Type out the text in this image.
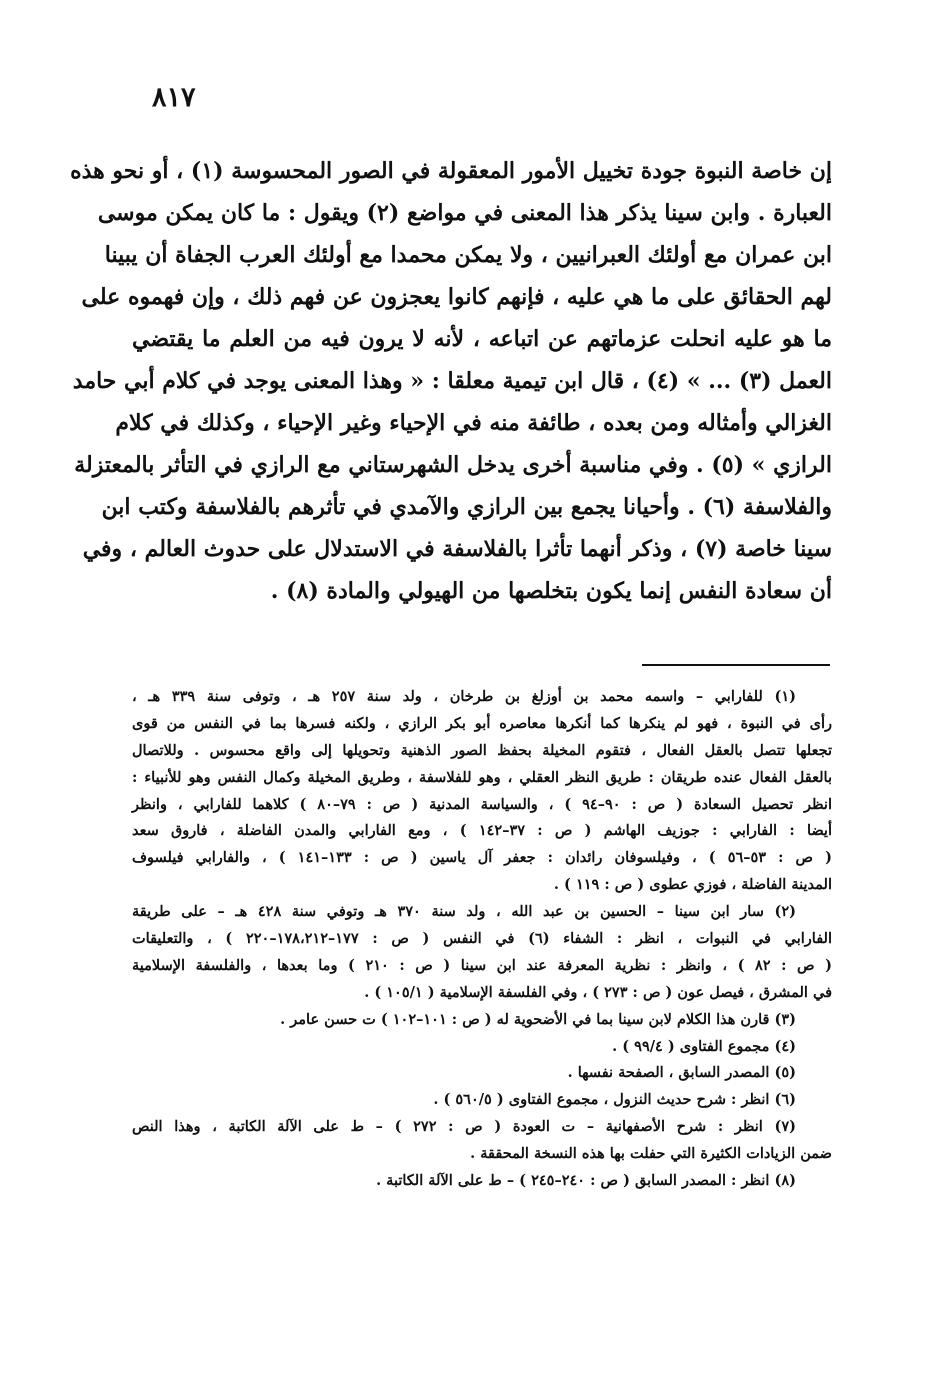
٨١٧
إن خاصة النبوة جودة تخييل الأمور المعقولة في الصور المحسوسة (١) ، أو نحو هذه
العبارة . وابن سينا يذكر هذا المعنى في مواضع (٢) ويقول : ما كان يمكن موسى
ابن عمران مع أولئك العبرانيين ، ولا يمكن محمدا مع أولئك العرب الجفاة أن يبينا
لهم الحقائق على ما هي عليه ، فإنهم كانوا يعجزون عن فهم ذلك ، وإن فهموه على
ما هو عليه انحلت عزماتهم عن اتباعه ، لأنه لا يرون فيه من العلم ما يقتضي
العمل (٣) ... » (٤) ، قال ابن تيمية معلقا : « وهذا المعنى يوجد في كلام أبي حامد
الغزالي وأمثاله ومن بعده ، طائفة منه في الإحياء وغير الإحياء ، وكذلك في كلام
الرازي » (٥) . وفي مناسبة أخرى يدخل الشهرستاني مع الرازي في التأثر بالمعتزلة
والفلاسفة (٦) . وأحيانا يجمع بين الرازي والآمدي في تأثرهم بالفلاسفة وكتب ابن
سينا خاصة (٧) ، وذكر أنهما تأثرا بالفلاسفة في الاستدلال على حدوث العالم ، وفي
أن سعادة النفس إنما يكون بتخلصها من الهيولي والمادة (٨) .
(١) للفارابي – واسمه محمد بن أوزلغ بن طرخان ، ولد سنة ٢٥٧ هـ ، وتوفى سنة ٣٣٩ هـ ،
رأى في النبوة ، فهو لم ينكرها كما أنكرها معاصره أبو بكر الرازي ، ولكنه فسرها بما في النفس من قوى
تجعلها تتصل بالعقل الفعال ، فتقوم المخيلة بحفظ الصور الذهنية وتحويلها إلى واقع محسوس . وللاتصال
بالعقل الفعال عنده طريقان : طريق النظر العقلي ، وهو للفلاسفة ، وطريق المخيلة وكمال النفس وهو للأنبياء :
انظر تحصيل السعادة ( ص : ٩٠–٩٤ ) ، والسياسة المدنية ( ص : ٧٩–٨٠ ) كلاهما للفارابي ، وانظر
أيضا : الفارابي : جوزيف الهاشم ( ص : ٣٧–١٤٢ ) ، ومع الفارابي والمدن الفاضلة ، فاروق سعد
( ص : ٥٣–٥٦ ) ، وفيلسوفان رائدان : جعفر آل ياسين ( ص : ١٣٣–١٤١ ) ، والفارابي فيلسوف
المدينة الفاضلة ، فوزي عطوى ( ص : ١١٩ ) .
(٢) سار ابن سينا – الحسين بن عبد الله ، ولد سنة ٣٧٠ هـ وتوفي سنة ٤٢٨ هـ – على طريقة
الفارابي في النبوات ، انظر : الشفاء (٦) في النفس ( ص : ١٧٧–١٧٨،٢١٢–٢٢٠ ) ، والتعليقات
( ص : ٨٢ ) ، وانظر : نظرية المعرفة عند ابن سينا ( ص : ٢١٠ ) وما بعدها ، والفلسفة الإسلامية
في المشرق ، فيصل عون ( ص : ٢٧٣ ) ، وفي الفلسفة الإسلامية ( ١٠٥/١ ) .
(٣) قارن هذا الكلام لابن سينا بما في الأضحوية له ( ص : ١٠١–١٠٢ ) ت حسن عامر .
(٤) مجموع الفتاوى ( ٩٩/٤ ) .
(٥) المصدر السابق ، الصفحة نفسها .
(٦) انظر : شرح حديث النزول ، مجموع الفتاوى ( ٥٦٠/٥ ) .
(٧) انظر : شرح الأصفهانية – ت العودة ( ص : ٢٧٢ ) – ط على الآلة الكاتبة ، وهذا النص
ضمن الزيادات الكثيرة التي حفلت بها هذه النسخة المحققة .
(٨) انظر : المصدر السابق ( ص : ٢٤٠–٢٤٥ ) – ط على الآلة الكاتبة .
